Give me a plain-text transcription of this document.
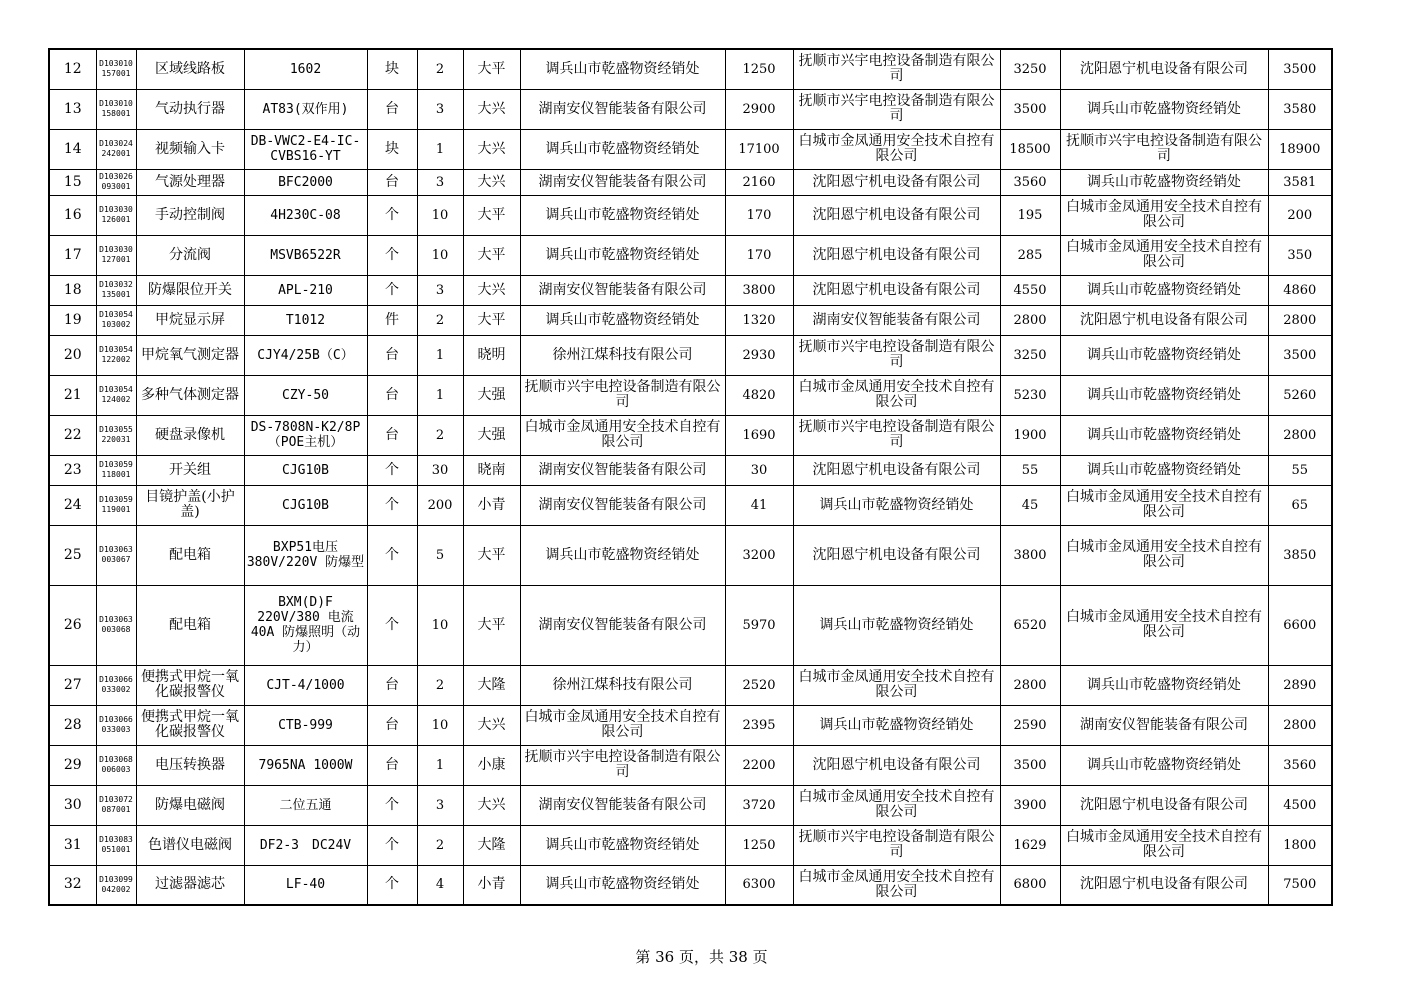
12	D103010 157001	区域线路板	1602	块	2	大平	调兵山市乾盛物资经销处	1250	抚顺市兴宇电控设备制造有限公司	3250	沈阳恩宁机电设备有限公司	3500
13	D103010 158001	气动执行器	AT83(双作用)	台	3	大兴	湖南安仪智能装备有限公司	2900	抚顺市兴宇电控设备制造有限公司	3500	调兵山市乾盛物资经销处	3580
14	D103024 242001	视频输入卡	DB-VWC2-E4-IC-CVBS16-YT	块	1	大兴	调兵山市乾盛物资经销处	17100	白城市金凤通用安全技术自控有限公司	18500	抚顺市兴宇电控设备制造有限公司	18900
15	D103026 093001	气源处理器	BFC2000	台	3	大兴	湖南安仪智能装备有限公司	2160	沈阳恩宁机电设备有限公司	3560	调兵山市乾盛物资经销处	3581
16	D103030 126001	手动控制阀	4H230C-08	个	10	大平	调兵山市乾盛物资经销处	170	沈阳恩宁机电设备有限公司	195	白城市金凤通用安全技术自控有限公司	200
17	D103030 127001	分流阀	MSVB6522R	个	10	大平	调兵山市乾盛物资经销处	170	沈阳恩宁机电设备有限公司	285	白城市金凤通用安全技术自控有限公司	350
18	D103032 135001	防爆限位开关	APL-210	个	3	大兴	湖南安仪智能装备有限公司	3800	沈阳恩宁机电设备有限公司	4550	调兵山市乾盛物资经销处	4860
19	D103054 103002	甲烷显示屏	T1012	件	2	大平	调兵山市乾盛物资经销处	1320	湖南安仪智能装备有限公司	2800	沈阳恩宁机电设备有限公司	2800
20	D103054 122002	甲烷氧气测定器	CJY4/25B（C）	台	1	晓明	徐州江煤科技有限公司	2930	抚顺市兴宇电控设备制造有限公司	3250	调兵山市乾盛物资经销处	3500
21	D103054 124002	多种气体测定器	CZY-50	台	1	大强	抚顺市兴宇电控设备制造有限公司	4820	白城市金凤通用安全技术自控有限公司	5230	调兵山市乾盛物资经销处	5260
22	D103055 220031	硬盘录像机	DS-7808N-K2/8P（POE主机）	台	2	大强	白城市金凤通用安全技术自控有限公司	1690	抚顺市兴宇电控设备制造有限公司	1900	调兵山市乾盛物资经销处	2800
23	D103059 118001	开关组	CJG10B	个	30	晓南	湖南安仪智能装备有限公司	30	沈阳恩宁机电设备有限公司	55	调兵山市乾盛物资经销处	55
24	D103059 119001	目镜护盖(小护盖)	CJG10B	个	200	小青	湖南安仪智能装备有限公司	41	调兵山市乾盛物资经销处	45	白城市金凤通用安全技术自控有限公司	65
25	D103063 003067	配电箱	BXP51电压380V/220V 防爆型	个	5	大平	调兵山市乾盛物资经销处	3200	沈阳恩宁机电设备有限公司	3800	白城市金凤通用安全技术自控有限公司	3850
26	D103063 003068	配电箱	BXM(D)F 220V/380 电流40A 防爆照明（动力）	个	10	大平	湖南安仪智能装备有限公司	5970	调兵山市乾盛物资经销处	6520	白城市金凤通用安全技术自控有限公司	6600
27	D103066 033002	便携式甲烷一氧化碳报警仪	CJT-4/1000	台	2	大隆	徐州江煤科技有限公司	2520	白城市金凤通用安全技术自控有限公司	2800	调兵山市乾盛物资经销处	2890
28	D103066 033003	便携式甲烷一氧化碳报警仪	CTB-999	台	10	大兴	白城市金凤通用安全技术自控有限公司	2395	调兵山市乾盛物资经销处	2590	湖南安仪智能装备有限公司	2800
29	D103068 006003	电压转换器	7965NA 1000W	台	1	小康	抚顺市兴宇电控设备制造有限公司	2200	沈阳恩宁机电设备有限公司	3500	调兵山市乾盛物资经销处	3560
30	D103072 087001	防爆电磁阀	二位五通	个	3	大兴	湖南安仪智能装备有限公司	3720	白城市金凤通用安全技术自控有限公司	3900	沈阳恩宁机电设备有限公司	4500
31	D103083 051001	色谱仪电磁阀	DF2-3　DC24V	个	2	大隆	调兵山市乾盛物资经销处	1250	抚顺市兴宇电控设备制造有限公司	1629	白城市金凤通用安全技术自控有限公司	1800
32	D103099 042002	过滤器滤芯	LF-40	个	4	小青	调兵山市乾盛物资经销处	6300	白城市金凤通用安全技术自控有限公司	6800	沈阳恩宁机电设备有限公司	7500
第 36 页，共 38 页
